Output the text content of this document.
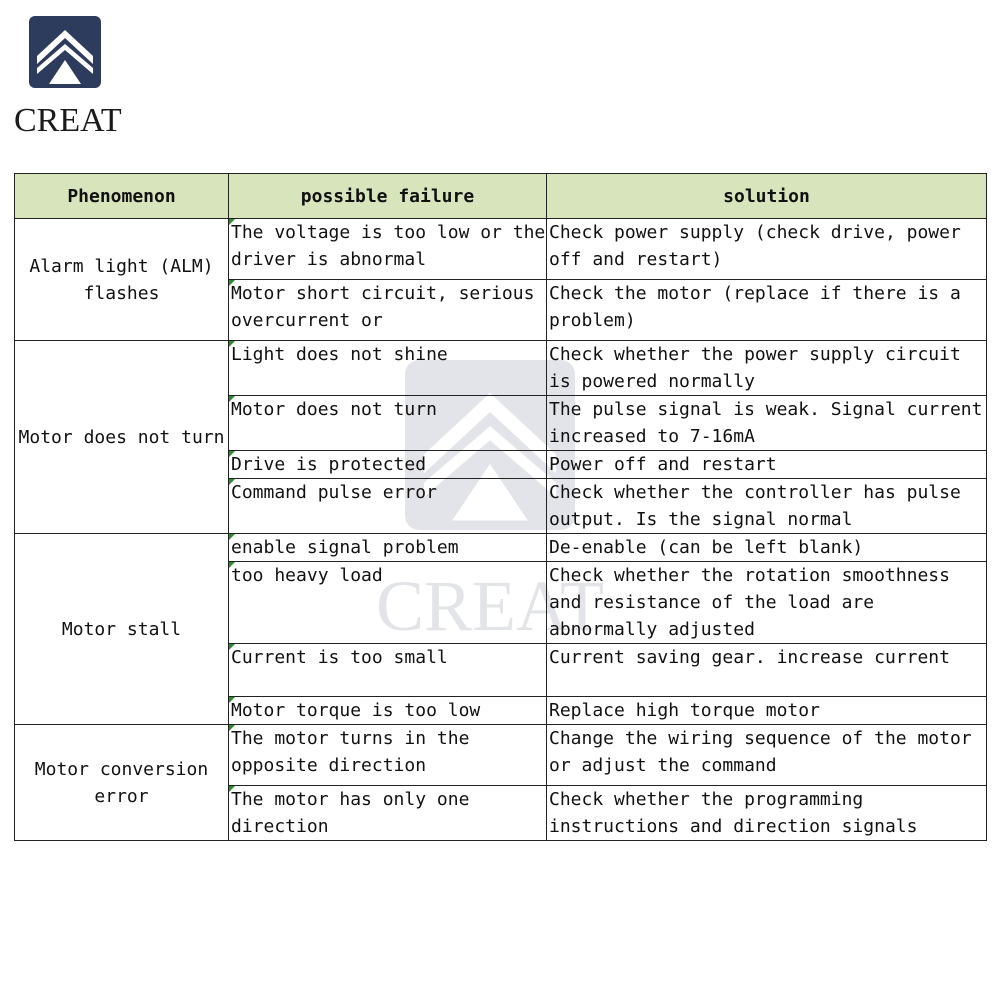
CREAT
CREAT
Phenomenon	possible failure	solution
Alarm light (ALM) flashes	The voltage is too low or the driver is abnormal	Check power supply (check drive, power off and restart)
	Motor short circuit, serious overcurrent or	Check the motor (replace if there is a problem)
Motor does not turn	Light does not shine	Check whether the power supply circuit is powered normally
	Motor does not turn	The pulse signal is weak. Signal current increased to 7-16mA
	Drive is protected	Power off and restart
	Command pulse error	Check whether the controller has pulse output. Is the signal normal
Motor stall	enable signal problem	De-enable (can be left blank)
	too heavy load	Check whether the rotation smoothness and resistance of the load are abnormally adjusted
	Current is too small	Current saving gear. increase current
	Motor torque is too low	Replace high torque motor
Motor conversion error	The motor turns in the opposite direction	Change the wiring sequence of the motor or adjust the command
	The motor has only one direction	Check whether the programming instructions and direction signals
